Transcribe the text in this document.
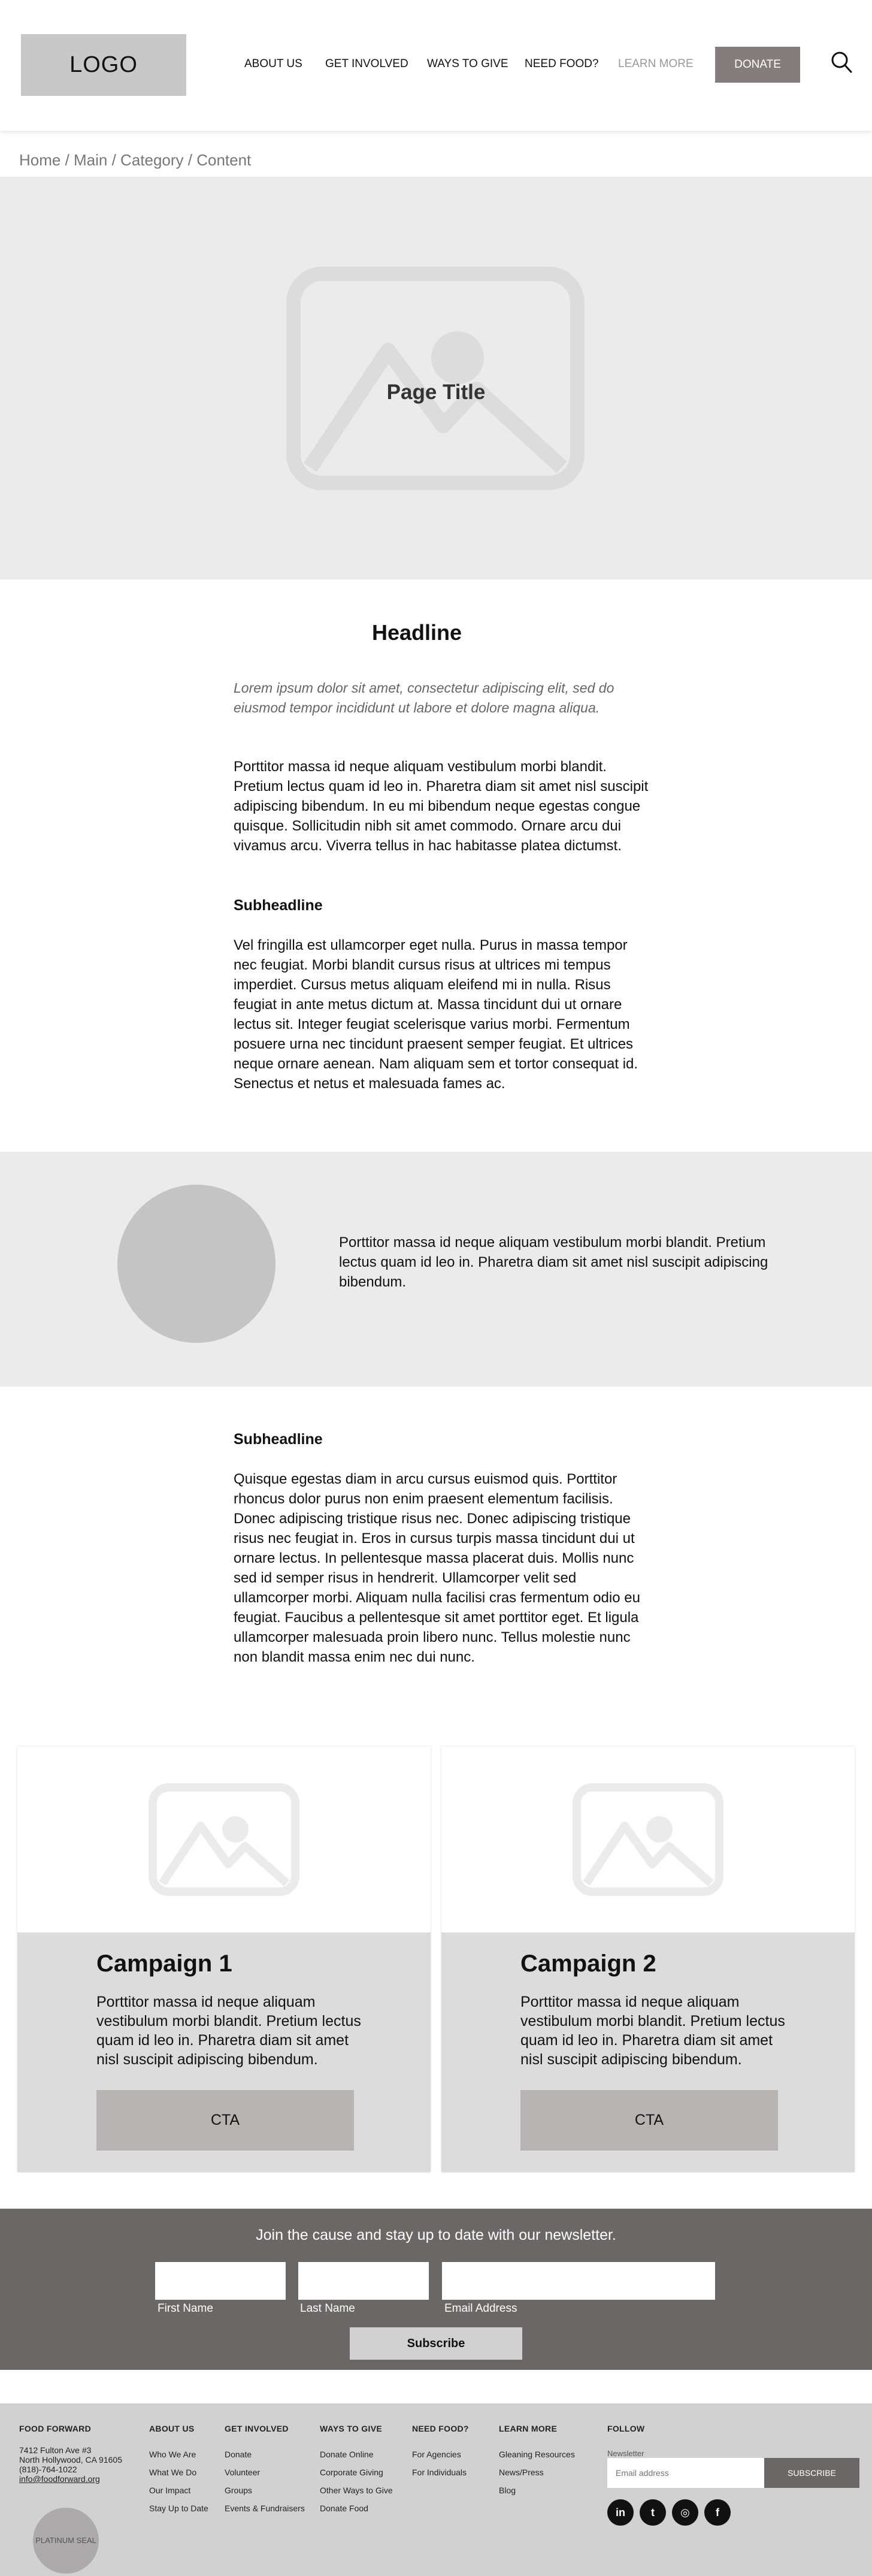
LOGO	ABOUT US GET INVOLVED WAYS TO GIVE NEED FOOD? LEARN MORE	DONATE
Home / Main / Category / Content
Page Title
Headline

Lorem ipsum dolor sit amet, consectetur adipiscing elit, sed do eiusmod tempor incididunt ut labore et dolore magna aliqua.

Porttitor massa id neque aliquam vestibulum morbi blandit. Pretium lectus quam id leo in. Pharetra diam sit amet nisl suscipit adipiscing bibendum. In eu mi bibendum neque egestas congue quisque. Sollicitudin nibh sit amet commodo. Ornare arcu dui vivamus arcu. Viverra tellus in hac habitasse platea dictumst.

Subheadline

Vel fringilla est ullamcorper eget nulla. Purus in massa tempor nec feugiat. Morbi blandit cursus risus at ultrices mi tempus imperdiet. Cursus metus aliquam eleifend mi in nulla. Risus feugiat in ante metus dictum at. Massa tincidunt dui ut ornare lectus sit. Integer feugiat scelerisque varius morbi. Fermentum posuere urna nec tincidunt praesent semper feugiat. Et ultrices neque ornare aenean. Nam aliquam sem et tortor consequat id. Senectus et netus et malesuada fames ac.

Porttitor massa id neque aliquam vestibulum morbi blandit. Pretium lectus quam id leo in. Pharetra diam sit amet nisl suscipit adipiscing bibendum.

Subheadline

Quisque egestas diam in arcu cursus euismod quis. Porttitor rhoncus dolor purus non enim praesent elementum facilisis. Donec adipiscing tristique risus nec. Donec adipiscing tristique risus nec feugiat in. Eros in cursus turpis massa tincidunt dui ut ornare lectus. In pellentesque massa placerat duis. Mollis nunc sed id semper risus in hendrerit. Ullamcorper velit sed ullamcorper morbi. Aliquam nulla facilisi cras fermentum odio eu feugiat. Faucibus a pellentesque sit amet porttitor eget. Et ligula ullamcorper malesuada proin libero nunc. Tellus molestie nunc non blandit massa enim nec dui nunc.

Campaign 1

Porttitor massa id neque aliquam vestibulum morbi blandit. Pretium lectus quam id leo in. Pharetra diam sit amet nisl suscipit adipiscing bibendum.

CTA
Campaign 2

Porttitor massa id neque aliquam vestibulum morbi blandit. Pretium lectus quam id leo in. Pharetra diam sit amet nisl suscipit adipiscing bibendum.

CTA
Join the cause and stay up to date with our newsletter.
First Name	Last Name	Email Address
Subscribe
FOOD FORWARD
7412 Fulton Ave #3
North Hollywood, CA 91605
(818)-764-1022
info@foodforward.org
ABOUT US
Who We Are
What We Do
Our Impact
Stay Up to Date
GET INVOLVED
Donate
Volunteer
Groups
Events & Fundraisers
WAYS TO GIVE
Donate Online
Corporate Giving
Other Ways to Give
Donate Food
NEED FOOD?
For Agencies
For Individuals
LEARN MORE
Gleaning Resources
News/Press
Blog
FOLLOW
Newsletter
Email address
SUBSCRIBE
in	t	◎	f
PLATINUM SEAL
